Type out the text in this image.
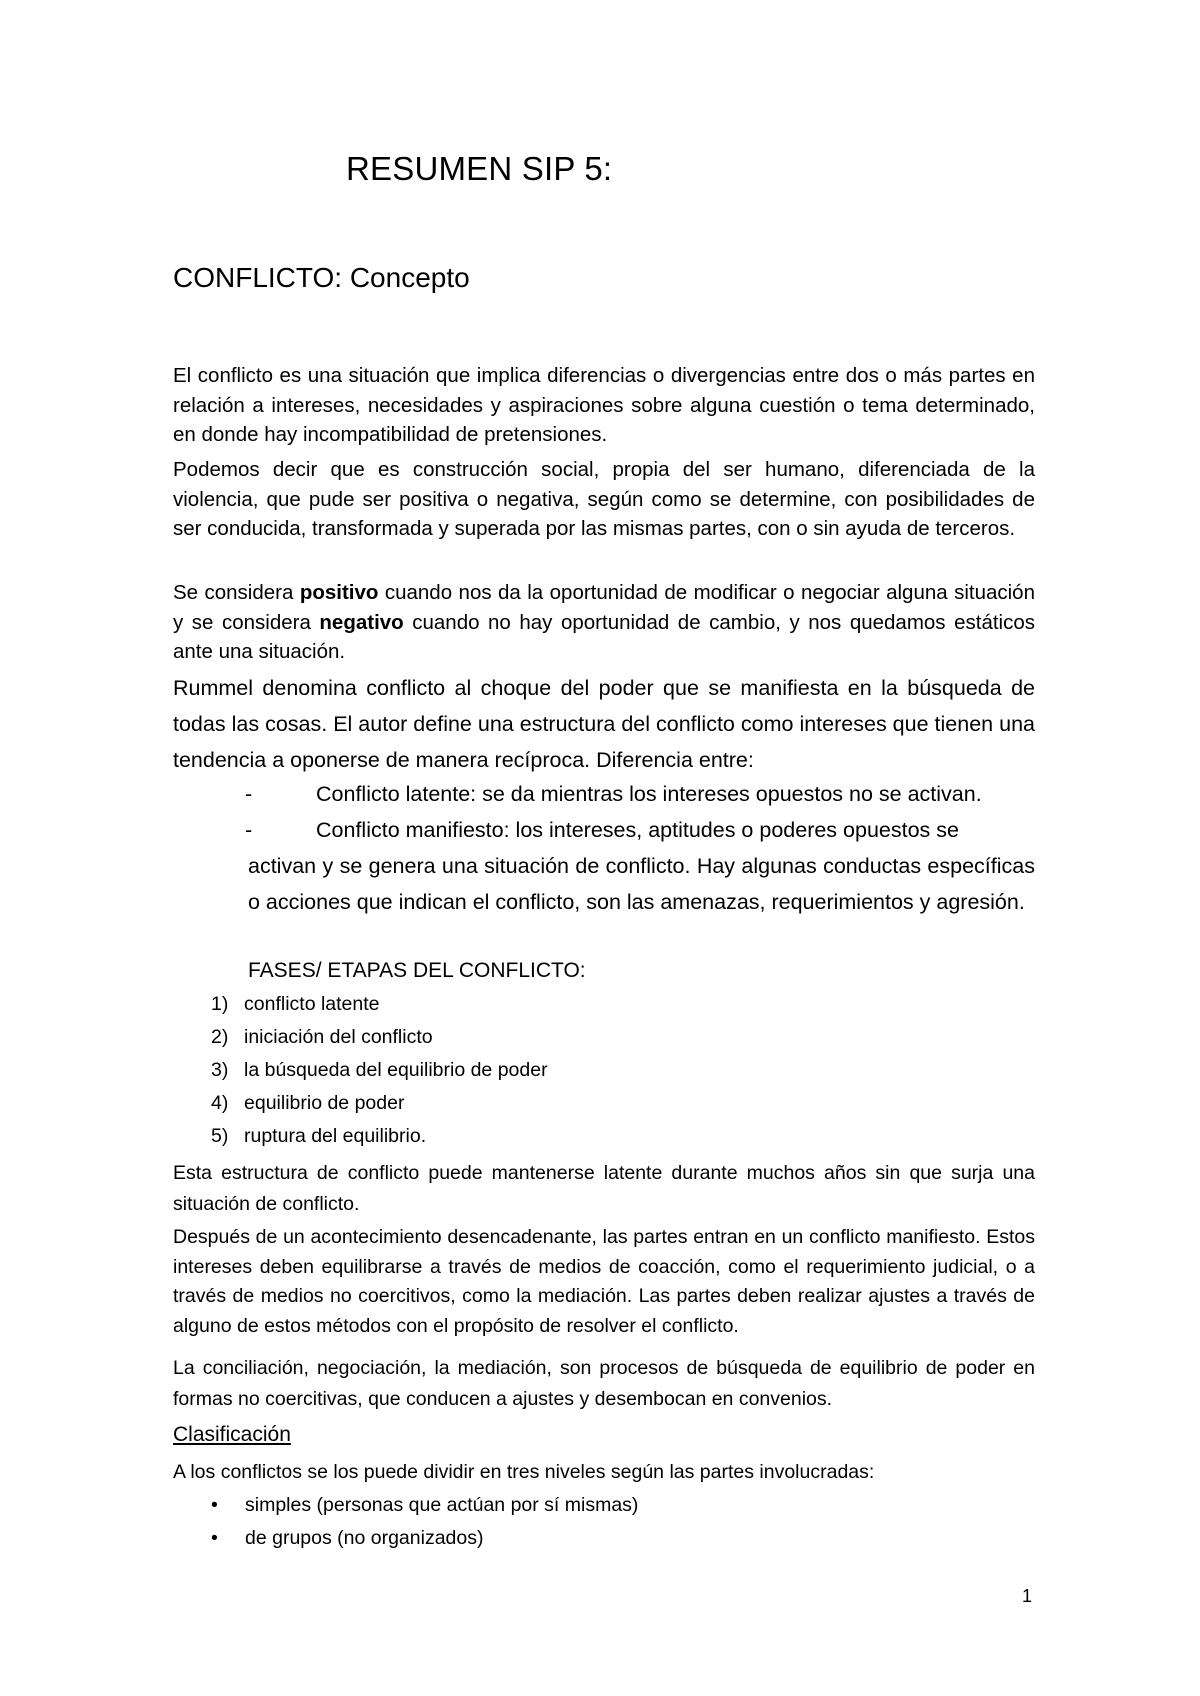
RESUMEN SIP 5:
CONFLICTO: Concepto

El conflicto es una situación que implica diferencias o divergencias entre dos o más partes en relación a intereses, necesidades y aspiraciones sobre alguna cuestión o tema determinado, en donde hay incompatibilidad de pretensiones.

Podemos decir que es construcción social, propia del ser humano, diferenciada de la violencia, que pude ser positiva o negativa, según como se determine, con posibilidades de ser conducida, transformada y superada por las mismas partes, con o sin ayuda de terceros.

Se considera positivo cuando nos da la oportunidad de modificar o negociar alguna situación y se considera negativo cuando no hay oportunidad de cambio, y nos quedamos estáticos ante una situación.

Rummel denomina conflicto al choque del poder que se manifiesta en la búsqueda de todas las cosas. El autor define una estructura del conflicto como intereses que tienen una tendencia a oponerse de manera recíproca. Diferencia entre:

-	Conflicto latente: se da mientras los intereses opuestos no se activan.
-	Conflicto manifiesto: los intereses, aptitudes o poderes opuestos se

activan y se genera una situación de conflicto. Hay algunas conductas específicas o acciones que indican el conflicto, son las amenazas, requerimientos y agresión.

FASES/ ETAPAS DEL CONFLICTO:

1) conflicto latente

2) iniciación del conflicto

3) la búsqueda del equilibrio de poder

4) equilibrio de poder

5) ruptura del equilibrio.

Esta estructura de conflicto puede mantenerse latente durante muchos años sin que surja una situación de conflicto.

Después de un acontecimiento desencadenante, las partes entran en un conflicto manifiesto. Estos intereses deben equilibrarse a través de medios de coacción, como el requerimiento judicial, o a través de medios no coercitivos, como la mediación. Las partes deben realizar ajustes a través de alguno de estos métodos con el propósito de resolver el conflicto.

La conciliación, negociación, la mediación, son procesos de búsqueda de equilibrio de poder en formas no coercitivas, que conducen a ajustes y desembocan en convenios.

Clasificación

A los conflictos se los puede dividir en tres niveles según las partes involucradas:

• simples (personas que actúan por sí mismas)

• de grupos (no organizados)

1
